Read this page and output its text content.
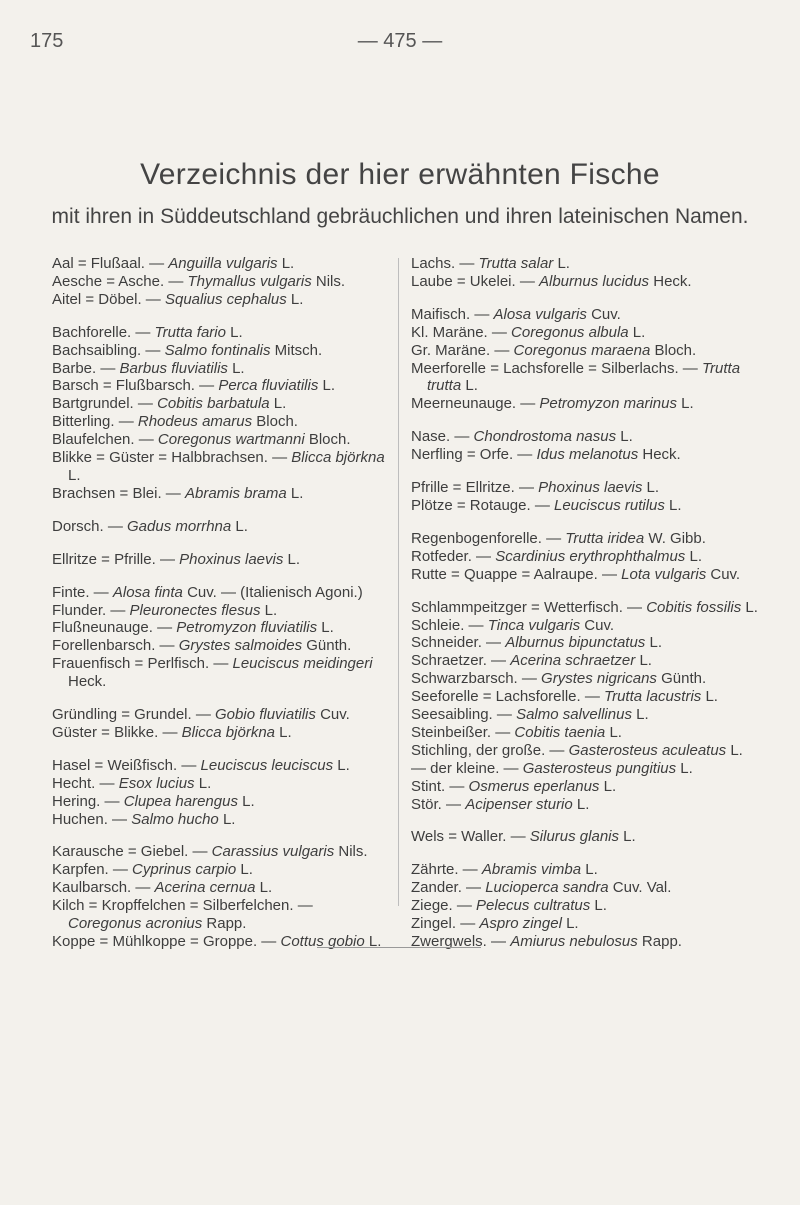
175	— 475 —
Verzeichnis der hier erwähnten Fische
mit ihren in Süddeutschland gebräuchlichen und ihren lateinischen Namen.

Aal = Flußaal. — Anguilla vulgaris L.

Aesche = Asche. — Thymallus vulgaris Nils.

Aitel = Döbel. — Squalius cephalus L.

Bachforelle. — Trutta fario L.

Bachsaibling. — Salmo fontinalis Mitsch.

Barbe. — Barbus fluviatilis L.

Barsch = Flußbarsch. — Perca fluviatilis L.

Bartgrundel. — Cobitis barbatula L.

Bitterling. — Rhodeus amarus Bloch.

Blaufelchen. — Coregonus wartmanni Bloch.

Blikke = Güster = Halbbrachsen. — Blicca björkna L.

Brachsen = Blei. — Abramis brama L.

Dorsch. — Gadus morrhna L.

Ellritze = Pfrille. — Phoxinus laevis L.

Finte. — Alosa finta Cuv. — (Italienisch Agoni.)

Flunder. — Pleuronectes flesus L.

Flußneunauge. — Petromyzon fluviatilis L.

Forellenbarsch. — Grystes salmoides Günth.

Frauenfisch = Perlfisch. — Leuciscus meidingeri Heck.

Gründling = Grundel. — Gobio fluviatilis Cuv.

Güster = Blikke. — Blicca björkna L.

Hasel = Weißfisch. — Leuciscus leuciscus L.

Hecht. — Esox lucius L.

Hering. — Clupea harengus L.

Huchen. — Salmo hucho L.

Karausche = Giebel. — Carassius vulgaris Nils.

Karpfen. — Cyprinus carpio L.

Kaulbarsch. — Acerina cernua L.

Kilch = Kropffelchen = Silberfelchen. — Coregonus acronius Rapp.

Koppe = Mühlkoppe = Groppe. — Cottus gobio L.

Lachs. — Trutta salar L.

Laube = Ukelei. — Alburnus lucidus Heck.

Maifisch. — Alosa vulgaris Cuv.

Kl. Maräne. — Coregonus albula L.

Gr. Maräne. — Coregonus maraena Bloch.

Meerforelle = Lachsforelle = Silberlachs. — Trutta trutta L.

Meerneunauge. — Petromyzon marinus L.

Nase. — Chondrostoma nasus L.

Nerfling = Orfe. — Idus melanotus Heck.

Pfrille = Ellritze. — Phoxinus laevis L.

Plötze = Rotauge. — Leuciscus rutilus L.

Regenbogenforelle. — Trutta iridea W. Gibb.

Rotfeder. — Scardinius erythrophthalmus L.

Rutte = Quappe = Aalraupe. — Lota vulgaris Cuv.

Schlammpeitzger = Wetterfisch. — Cobitis fossilis L.

Schleie. — Tinca vulgaris Cuv.

Schneider. — Alburnus bipunctatus L.

Schraetzer. — Acerina schraetzer L.

Schwarzbarsch. — Grystes nigricans Günth.

Seeforelle = Lachsforelle. — Trutta lacustris L.

Seesaibling. — Salmo salvellinus L.

Steinbeißer. — Cobitis taenia L.

Stichling, der große. — Gasterosteus aculeatus L.

— der kleine. — Gasterosteus pungitius L.

Stint. — Osmerus eperlanus L.

Stör. — Acipenser sturio L.

Wels = Waller. — Silurus glanis L.

Zährte. — Abramis vimba L.

Zander. — Lucioperca sandra Cuv. Val.

Ziege. — Pelecus cultratus L.

Zingel. — Aspro zingel L.

Zwergwels. — Amiurus nebulosus Rapp.
